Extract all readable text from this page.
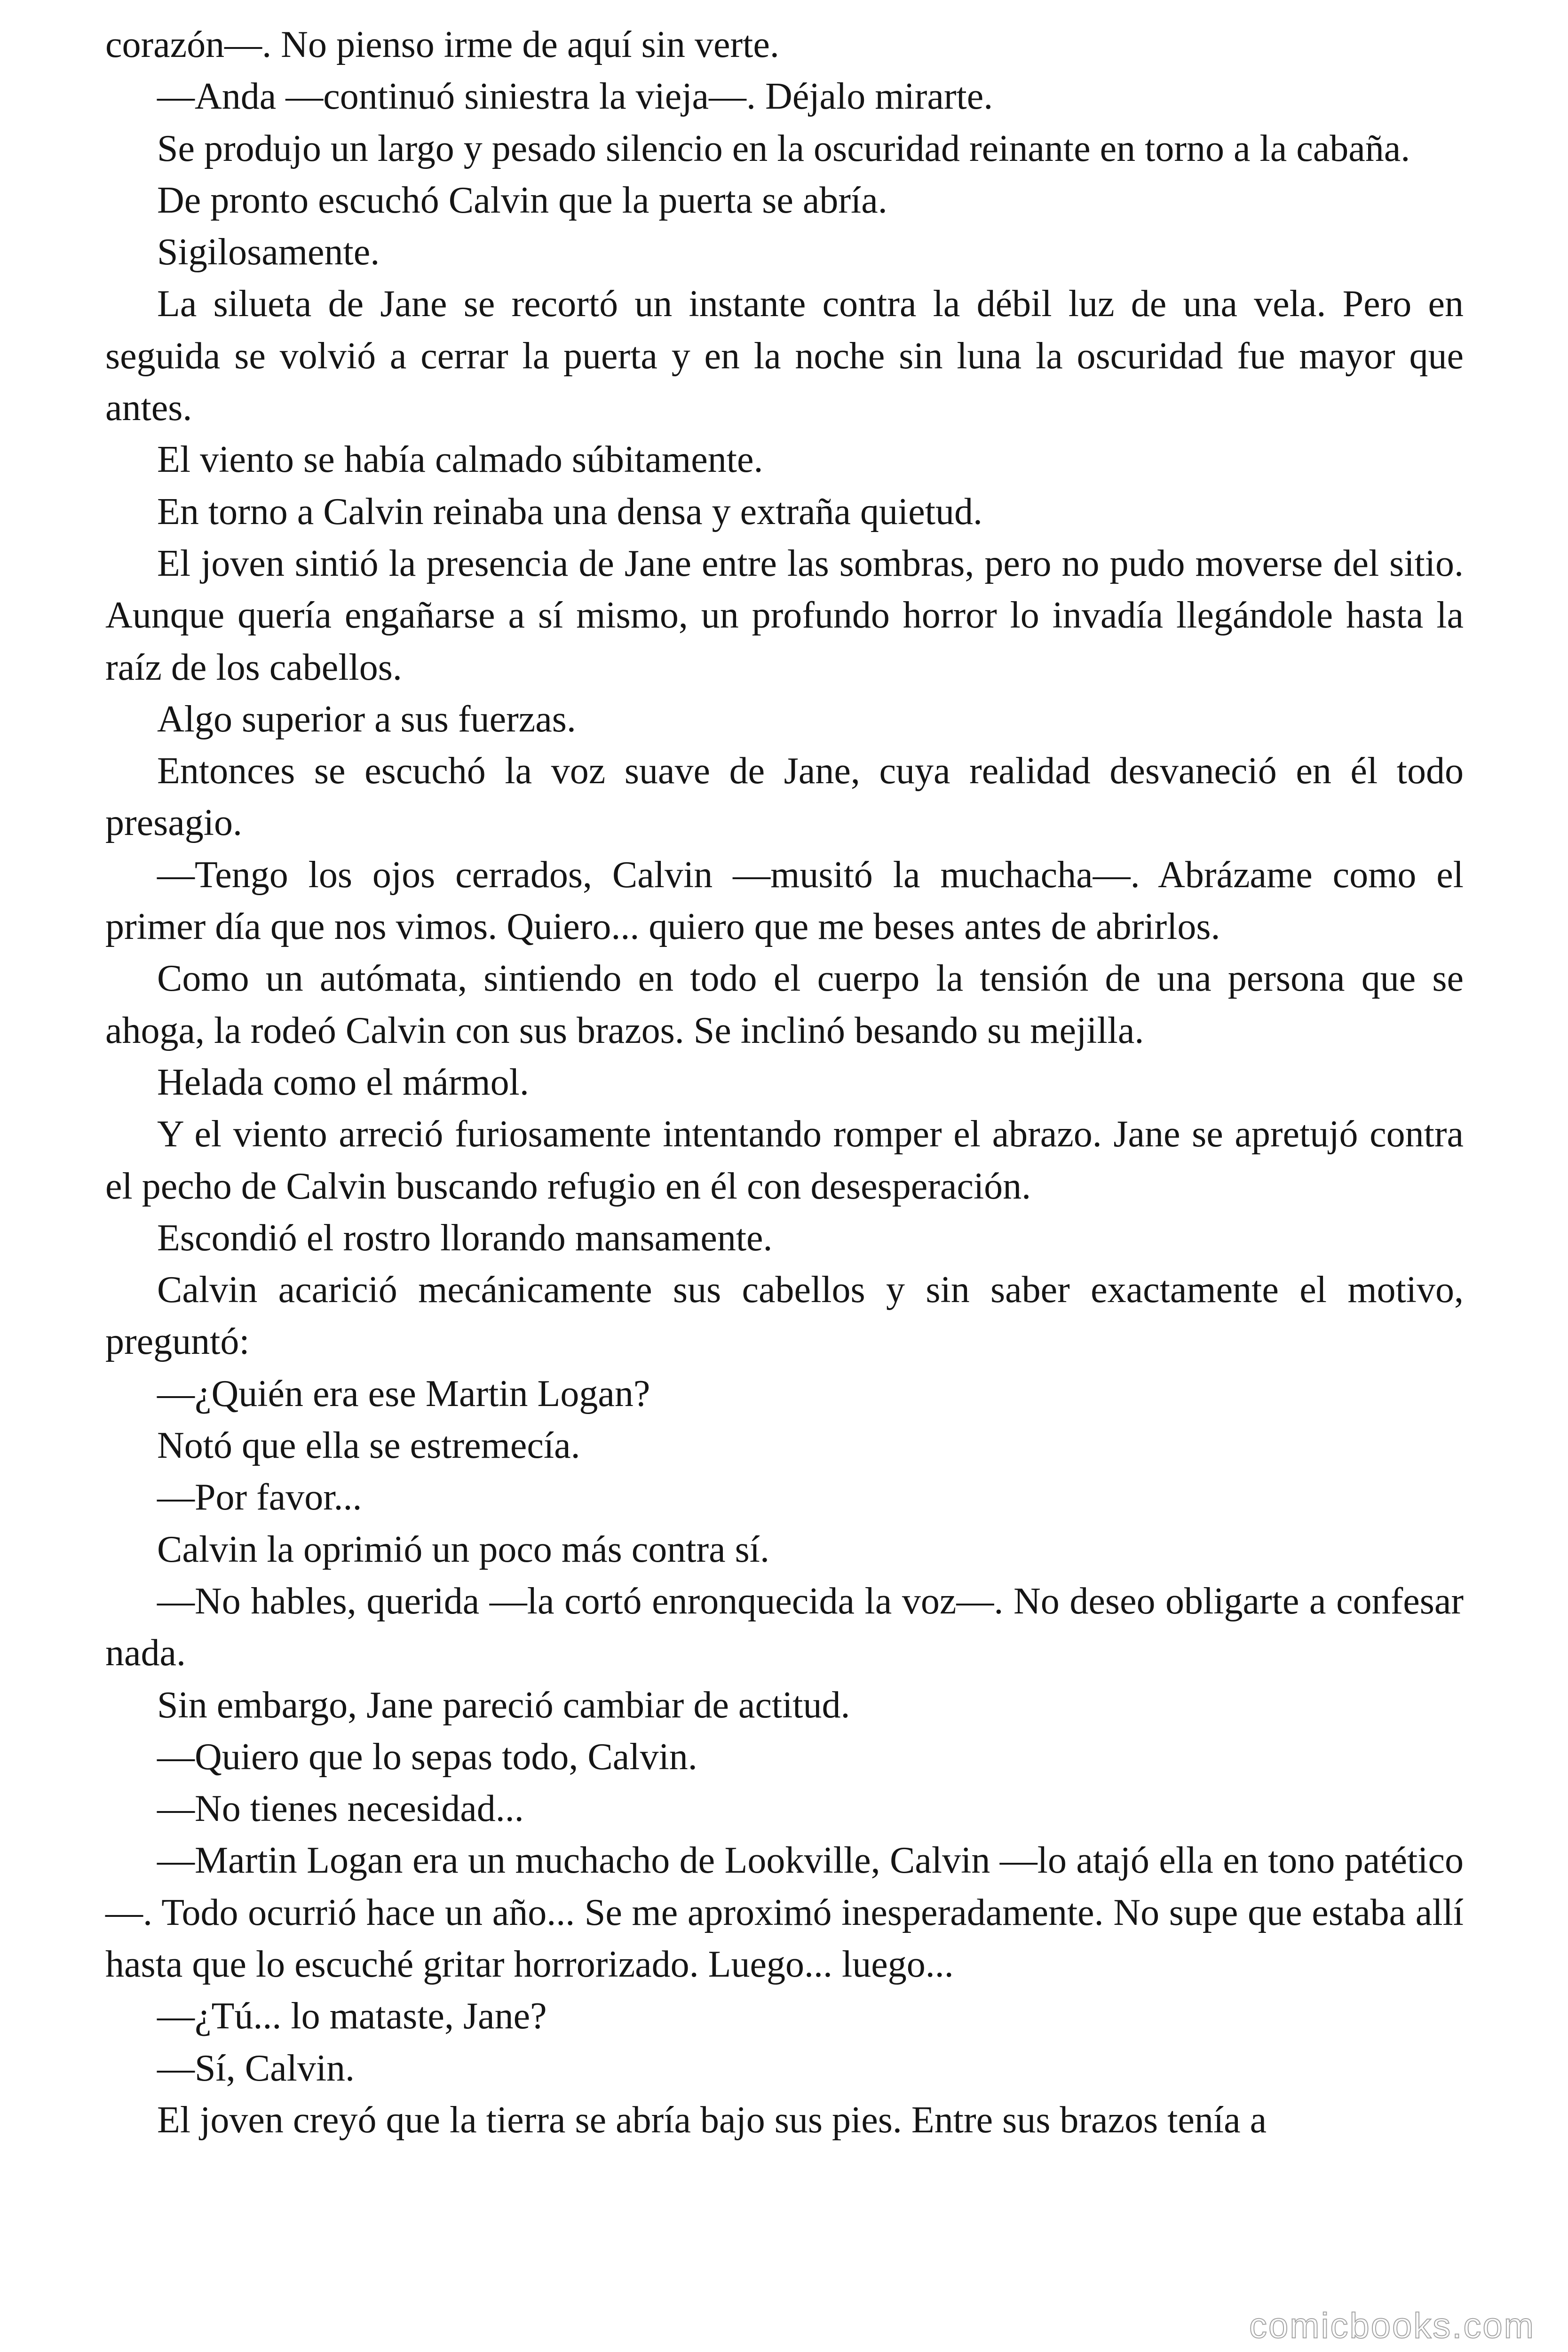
corazón—. No pienso irme de aquí sin verte.

—Anda —continuó siniestra la vieja—. Déjalo mirarte.

Se produjo un largo y pesado silencio en la oscuridad reinante en torno a la cabaña.

De pronto escuchó Calvin que la puerta se abría.

Sigilosamente.

La silueta de Jane se recortó un instante contra la débil luz de una vela. Pero en seguida se volvió a cerrar la puerta y en la noche sin luna la oscuridad fue mayor que antes.

El viento se había calmado súbitamente.

En torno a Calvin reinaba una densa y extraña quietud.

El joven sintió la presencia de Jane entre las sombras, pero no pudo moverse del sitio. Aunque quería engañarse a sí mismo, un profundo horror lo invadía llegándole hasta la raíz de los cabellos.

Algo superior a sus fuerzas.

Entonces se escuchó la voz suave de Jane, cuya realidad desvaneció en él todo presagio.

—Tengo los ojos cerrados, Calvin —musitó la muchacha—. Abrázame como el primer día que nos vimos. Quiero... quiero que me beses antes de abrirlos.

Como un autómata, sintiendo en todo el cuerpo la tensión de una persona que se ahoga, la rodeó Calvin con sus brazos. Se inclinó besando su mejilla.

Helada como el mármol.

Y el viento arreció furiosamente intentando romper el abrazo. Jane se apretujó contra el pecho de Calvin buscando refugio en él con desesperación.

Escondió el rostro llorando mansamente.

Calvin acarició mecánicamente sus cabellos y sin saber exactamente el motivo, preguntó:

—¿Quién era ese Martin Logan?

Notó que ella se estremecía.

—Por favor...

Calvin la oprimió un poco más contra sí.

—No hables, querida —la cortó enronquecida la voz—. No deseo obligarte a confesar nada.

Sin embargo, Jane pareció cambiar de actitud.

—Quiero que lo sepas todo, Calvin.

—No tienes necesidad...

—Martin Logan era un muchacho de Lookville, Calvin —lo atajó ella en tono patético—. Todo ocurrió hace un año... Se me aproximó inesperadamente. No supe que estaba allí hasta que lo escuché gritar horrorizado. Luego... luego...

—¿Tú... lo mataste, Jane?

—Sí, Calvin.

El joven creyó que la tierra se abría bajo sus pies. Entre sus brazos tenía a

comicbooks.com
